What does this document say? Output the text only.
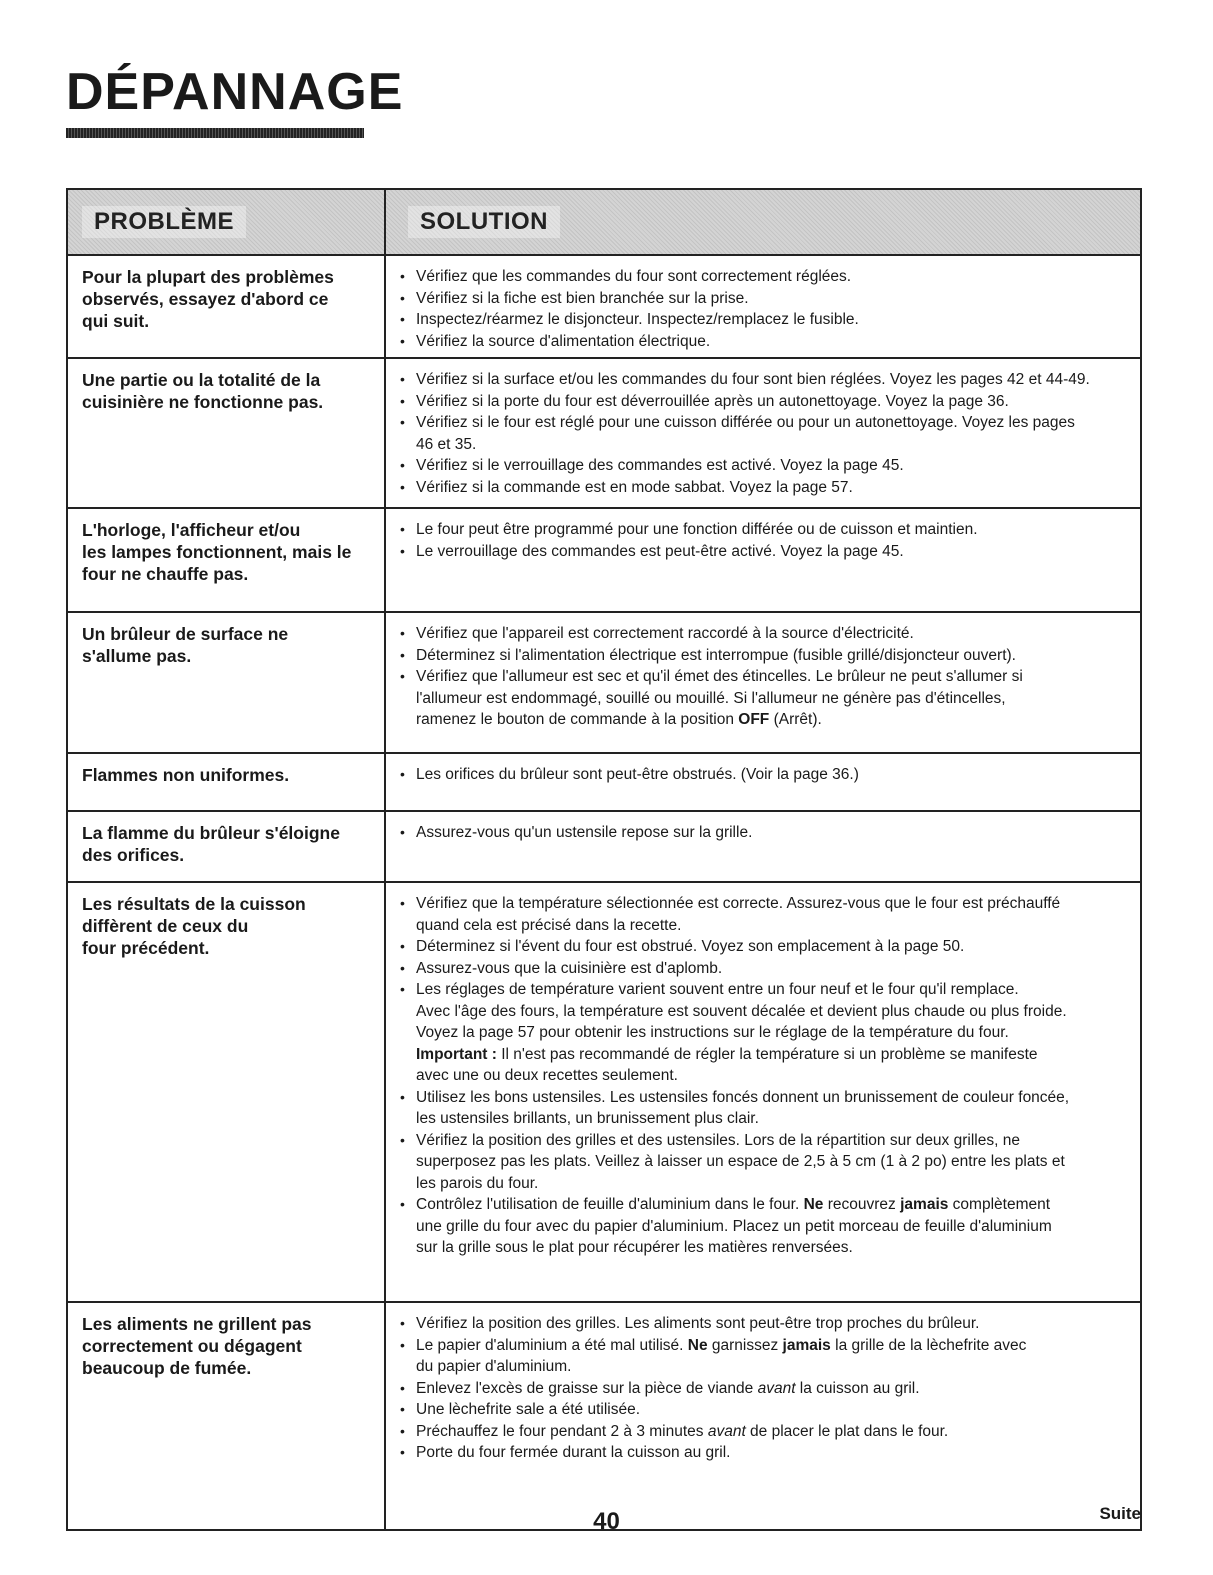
DÉPANNAGE
PROBLÈME	SOLUTION
Pour la plupart des problèmes
observés, essayez d'abord ce
qui suit.
• Vérifiez que les commandes du four sont correctement réglées.
• Vérifiez si la fiche est bien branchée sur la prise.
• Inspectez/réarmez le disjoncteur. Inspectez/remplacez le fusible.
• Vérifiez la source d'alimentation électrique.
Une partie ou la totalité de la
cuisinière ne fonctionne pas.
• Vérifiez si la surface et/ou les commandes du four sont bien réglées. Voyez les pages 42 et 44-49.
• Vérifiez si la porte du four est déverrouillée après un autonettoyage. Voyez la page 36.
• Vérifiez si le four est réglé pour une cuisson différée ou pour un autonettoyage. Voyez les pages
46 et 35.
• Vérifiez si le verrouillage des commandes est activé. Voyez la page 45.
• Vérifiez si la commande est en mode sabbat. Voyez la page 57.
L'horloge, l'afficheur et/ou
les lampes fonctionnent, mais le
four ne chauffe pas.
• Le four peut être programmé pour une fonction différée ou de cuisson et maintien.
• Le verrouillage des commandes est peut-être activé. Voyez la page 45.
Un brûleur de surface ne
s'allume pas.
• Vérifiez que l'appareil est correctement raccordé à la source d'électricité.
• Déterminez si l'alimentation électrique est interrompue (fusible grillé/disjoncteur ouvert).
• Vérifiez que l'allumeur est sec et qu'il émet des étincelles. Le brûleur ne peut s'allumer si
l'allumeur est endommagé, souillé ou mouillé. Si l'allumeur ne génère pas d'étincelles,
ramenez le bouton de commande à la position OFF (Arrêt).
Flammes non uniformes.
•	Les orifices du brûleur sont peut-être obstrués. (Voir la page 36.)
La flamme du brûleur s'éloigne
des orifices.
• Assurez-vous qu'un ustensile repose sur la grille.
Les résultats de la cuisson
diffèrent de ceux du
four précédent.
• Vérifiez que la température sélectionnée est correcte. Assurez-vous que le four est préchauffé
quand cela est précisé dans la recette.
• Déterminez si l'évent du four est obstrué. Voyez son emplacement à la page 50.
• Assurez-vous que la cuisinière est d'aplomb.
• Les réglages de température varient souvent entre un four neuf et le four qu'il remplace.
Avec l'âge des fours, la température est souvent décalée et devient plus chaude ou plus froide.
Voyez la page 57 pour obtenir les instructions sur le réglage de la température du four.
Important : Il n'est pas recommandé de régler la température si un problème se manifeste
avec une ou deux recettes seulement.
• Utilisez les bons ustensiles. Les ustensiles foncés donnent un brunissement de couleur foncée,
les ustensiles brillants, un brunissement plus clair.
• Vérifiez la position des grilles et des ustensiles. Lors de la répartition sur deux grilles, ne
superposez pas les plats. Veillez à laisser un espace de 2,5 à 5 cm (1 à 2 po) entre les plats et
les parois du four.
• Contrôlez l'utilisation de feuille d'aluminium dans le four. Ne recouvrez jamais complètement
une grille du four avec du papier d'aluminium. Placez un petit morceau de feuille d'aluminium
sur la grille sous le plat pour récupérer les matières renversées.
Les aliments ne grillent pas
correctement ou dégagent
beaucoup de fumée.
• Vérifiez la position des grilles. Les aliments sont peut-être trop proches du brûleur.
• Le papier d'aluminium a été mal utilisé. Ne garnissez jamais la grille de la lèchefrite avec
du papier d'aluminium.
• Enlevez l'excès de graisse sur la pièce de viande avant la cuisson au gril.
• Une lèchefrite sale a été utilisée.
• Préchauffez le four pendant 2 à 3 minutes avant de placer le plat dans le four.
• Porte du four fermée durant la cuisson au gril.
40	Suite
